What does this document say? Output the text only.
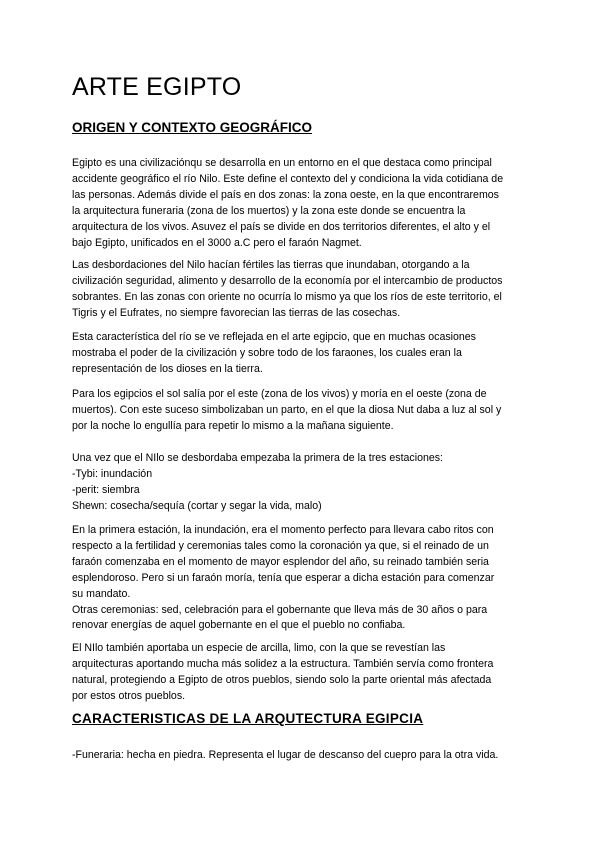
ARTE EGIPTO
ORIGEN Y CONTEXTO GEOGRÁFICO
Egipto es una civilizaciónqu se desarrolla en un entorno en el que destaca como principal
accidente geográfico el río Nilo. Este define el contexto del y condiciona la vida cotidiana de
las personas. Además divide el país en dos zonas: la zona oeste, en la que encontraremos
la arquitectura funeraria (zona de los muertos) y la zona este donde se encuentra la
arquitectura de los vivos. Asuvez el país se divide en dos territorios diferentes, el alto y el
bajo Egipto, unificados en el 3000 a.C pero el faraón Nagmet.
Las desbordaciones del Nilo hacían fértiles las tierras que inundaban, otorgando a la
civilización seguridad, alimento y desarrollo de la economía por el intercambio de productos
sobrantes. En las zonas con oriente no ocurría lo mismo ya que los ríos de este territorio, el
Tigris y el Eufrates, no siempre favorecian las tierras de las cosechas.
Esta característica del río se ve reflejada en el arte egipcio, que en muchas ocasiones
mostraba el poder de la civilización y sobre todo de los faraones, los cuales eran la
representación de los dioses en la tierra.
Para los egipcios el sol salía por el este (zona de los vivos) y moría en el oeste (zona de
muertos). Con este suceso simbolizaban un parto, en el que la diosa Nut daba a luz al sol y
por la noche lo engullía para repetir lo mismo a la mañana siguiente.
Una vez que el NIlo se desbordaba empezaba la primera de la tres estaciones:
-Tybi: inundación
-perit: siembra
Shewn: cosecha/sequía (cortar y segar la vida, malo)
En la primera estación, la inundación, era el momento perfecto para llevara cabo ritos con
respecto a la fertilidad y ceremonias tales como la coronación ya que, si el reinado de un
faraón comenzaba en el momento de mayor esplendor del año, su reinado también seria
esplendoroso. Pero si un faraón moría, tenía que esperar a dicha estación para comenzar
su mandato.
Otras ceremonias: sed, celebración para el gobernante que lleva más de 30 años o para
renovar energías de aquel gobernante en el que el pueblo no confiaba.
El NIlo también aportaba un especie de arcilla, limo, con la que se revestían las
arquitecturas aportando mucha más solidez a la estructura. También servía como frontera
natural, protegiendo a Egipto de otros pueblos, siendo solo la parte oriental más afectada
por estos otros pueblos.
CARACTERISTICAS DE LA ARQUTECTURA EGIPCIA
-Funeraria: hecha en piedra. Representa el lugar de descanso del cuepro para la otra vida.
